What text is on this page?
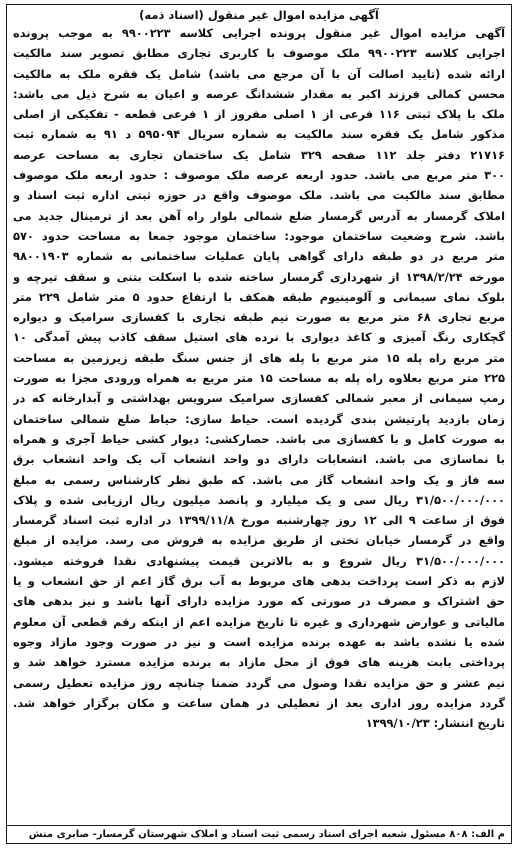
آگهی مزایده اموال غیر منقول (اسناد ذمه)
آگهی مزایده اموال غیر منقول پرونده اجرایی کلاسه ۹۹۰۰۲۲۳ به موجب پرونده
اجرایی کلاسه ۹۹۰۰۲۲۳ ملک موصوف با کاربری تجاری مطابق تصویر سند مالکیت
ارائه شده (تایید اصالت آن با آن مرجع می باشد) شامل یک فقره ملک به مالکیت
محسن کمالی فرزند اکبر به مقدار ششدانگ عرصه و اعیان به شرح ذیل می باشد:
ملک با پلاک ثبتی ۱۱۶ فرعی از ۱ اصلی مفروز از ۱ فرعی قطعه - تفکیکی از اصلی
مذکور شامل یک فقره سند مالکیت به شماره سریال ۵۹۵۰۹۴ د ۹۱ به شماره ثبت
۲۱۷۱۶ دفتر جلد ۱۱۲ صفحه ۳۲۹ شامل یک ساختمان تجاری به مساحت عرصه
۳۰۰ متر مربع می باشد. حدود اربعه عرصه ملک موصوف : حدود اربعه ملک موصوف
مطابق سند مالکیت می باشد. ملک موصوف واقع در حوزه ثبتی اداره ثبت اسناد و
املاک گرمسار به آدرس گرمسار ضلع شمالی بلوار راه آهن بعد از ترمینال جدید می
باشد. شرح وضعیت ساختمان موجود: ساختمان موجود جمعا به مساحت حدود ۵۷۰
متر مربع در دو طبقه دارای گواهی پایان عملیات ساختمانی به شماره ۹۸۰۰۱۹۰۳
مورخه ۱۳۹۸/۲/۲۴ از شهرداری گرمسار ساخته شده با اسکلت بتنی و سقف تیرچه و
بلوک نمای سیمانی و آلومینیوم طبقه همکف با ارتفاع حدود ۵ متر شامل ۲۲۹ متر
مربع تجاری ۶۸ متر مربع به صورت نیم طبقه تجاری با کفسازی سرامیک و دیواره
گچکاری رنگ آمیزی و کاغذ دیواری با نرده های استیل سقف کاذب پیش آمدگی ۱۰
متر مربع راه پله ۱۵ متر مربع با پله های از جنس سنگ طبقه زیرزمین به مساحت
۲۲۵ متر مربع بعلاوه راه پله به مساحت ۱۵ متر مربع به همراه ورودی مجزا به صورت
رمپ سیمانی از معبر شمالی کفسازی سرامیک سرویس بهداشتی و آبدارخانه که در
زمان بازدید پارتیشن بندی گردیده است. حیاط سازی: حیاط ضلع شمالی ساختمان
به صورت کامل و با کفسازی می باشد. حصارکشی: دیوار کشی حیاط آجری و همراه
با نماسازی می باشد. انشعابات دارای دو واحد انشعاب آب یک واحد انشعاب برق
سه فاز و یک واحد انشعاب گاز می باشد. که طبق نظر کارشناس رسمی به مبلغ
۳۱/۵۰۰/۰۰۰/۰۰۰ ریال سی و یک میلیارد و پانصد میلیون ریال ارزیابی شده و پلاک
فوق از ساعت ۹ الی ۱۲ روز چهارشنبه مورخ ۱۳۹۹/۱۱/۸ در اداره ثبت اسناد گرمسار
واقع در گرمسار خیابان تختی از طریق مزایده به فروش می رسد. مزایده از مبلغ
۳۱/۵۰۰/۰۰۰/۰۰۰ ریال شروع و به بالاترین قیمت پیشنهادی نقدا فروخته میشود.
لازم به ذکر است پرداخت بدهی های مربوط به آب برق گاز اعم از حق انشعاب و یا
حق اشتراک و مصرف در صورتی که مورد مزایده دارای آنها باشد و نیز بدهی های
مالیاتی و عوارض شهرداری و غیره تا تاریخ مزایده اعم از اینکه رقم قطعی آن معلوم
شده یا نشده باشد به عهده برنده مزایده است و نیز در صورت وجود مازاد وجوه
پرداختی بابت هزینه های فوق از محل مازاد به برنده مزایده مسترد خواهد شد و
نیم عشر و حق مزایده نقدا وصول می گردد ضمنا چنانچه روز مزایده تعطیل رسمی
گردد مزایده روز اداری بعد از تعطیلی در همان ساعت و مکان برگزار خواهد شد.
تاریخ انتشار: ۱۳۹۹/۱۰/۲۳
م الف: ۸۰۸ مسئول شعبه اجرای اسناد رسمی ثبت اسناد و املاک شهرستان گرمسار- صابری منش
